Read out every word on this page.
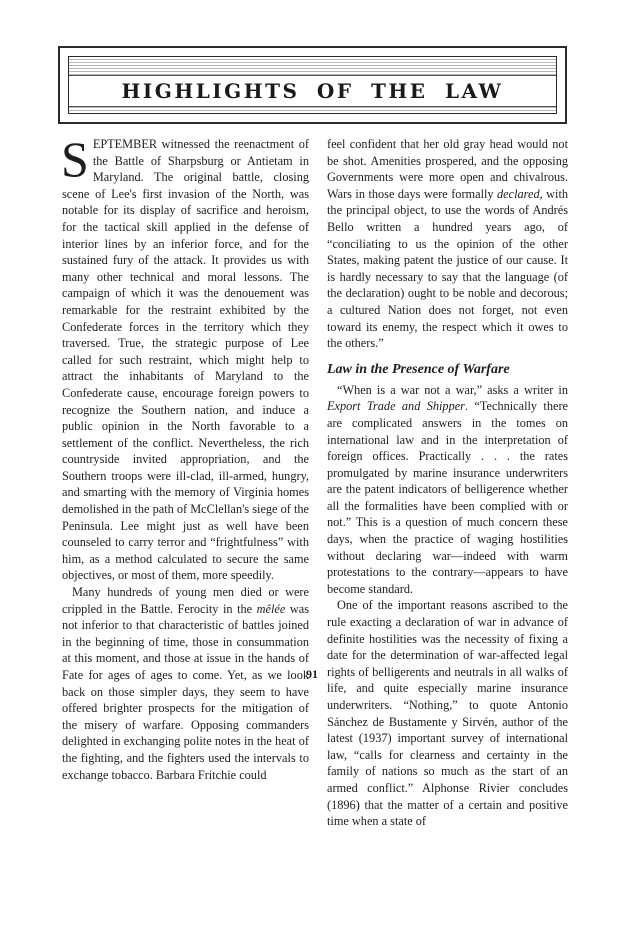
HIGHLIGHTS OF THE LAW

SEPTEMBER witnessed the reenactment of the Battle of Sharpsburg or Antietam in Maryland. The original battle, closing scene of Lee's first invasion of the North, was notable for its display of sacrifice and heroism, for the tactical skill applied in the defense of interior lines by an inferior force, and for the sustained fury of the attack. It provides us with many other technical and moral lessons. The campaign of which it was the denouement was remarkable for the restraint exhibited by the Confederate forces in the territory which they traversed. True, the strategic purpose of Lee called for such restraint, which might help to attract the inhabitants of Maryland to the Confederate cause, encourage foreign powers to recognize the Southern nation, and induce a public opinion in the North favorable to a settlement of the conflict. Nevertheless, the rich countryside invited appropriation, and the Southern troops were ill-clad, ill-armed, hungry, and smarting with the memory of Virginia homes demolished in the path of McClellan's siege of the Peninsula. Lee might just as well have been counseled to carry terror and “frightfulness” with him, as a method calculated to secure the same objectives, or most of them, more speedily.

Many hundreds of young men died or were crippled in the Battle. Ferocity in the mêlée was not inferior to that characteristic of battles joined in the beginning of time, those in consummation at this moment, and those at issue in the hands of Fate for ages of ages to come. Yet, as we look back on those simpler days, they seem to have offered brighter prospects for the mitigation of the misery of warfare. Opposing commanders delighted in exchanging polite notes in the heat of the fighting, and the fighters used the intervals to exchange tobacco. Barbara Fritchie could

feel confident that her old gray head would not be shot. Amenities prospered, and the opposing Governments were more open and chivalrous. Wars in those days were formally declared, with the principal object, to use the words of Andrés Bello written a hundred years ago, of “conciliating to us the opinion of the other States, making patent the justice of our cause. It is hardly necessary to say that the language (of the declaration) ought to be noble and decorous; a cultured Nation does not forget, not even toward its enemy, the respect which it owes to the others.”

Law in the Presence of Warfare

“When is a war not a war,” asks a writer in Export Trade and Shipper. “Technically there are complicated answers in the tomes on international law and in the interpretation of foreign offices. Practically . . . the rates promulgated by marine insurance underwriters are the patent indicators of belligerence whether all the formalities have been complied with or not.” This is a question of much concern these days, when the practice of waging hostilities without declaring war—indeed with warm protestations to the contrary—appears to have become standard.

One of the important reasons ascribed to the rule exacting a declaration of war in advance of definite hostilities was the necessity of fixing a date for the determination of war-affected legal rights of belligerents and neutrals in all walks of life, and quite especially marine insurance underwriters. “Nothing,” to quote Antonio Sánchez de Bustamente y Sirvén, author of the latest (1937) important survey of international law, “calls for clearness and certainty in the family of nations so much as the start of an armed conflict.” Alphonse Rivier concludes (1896) that the matter of a certain and positive time when a state of

91
